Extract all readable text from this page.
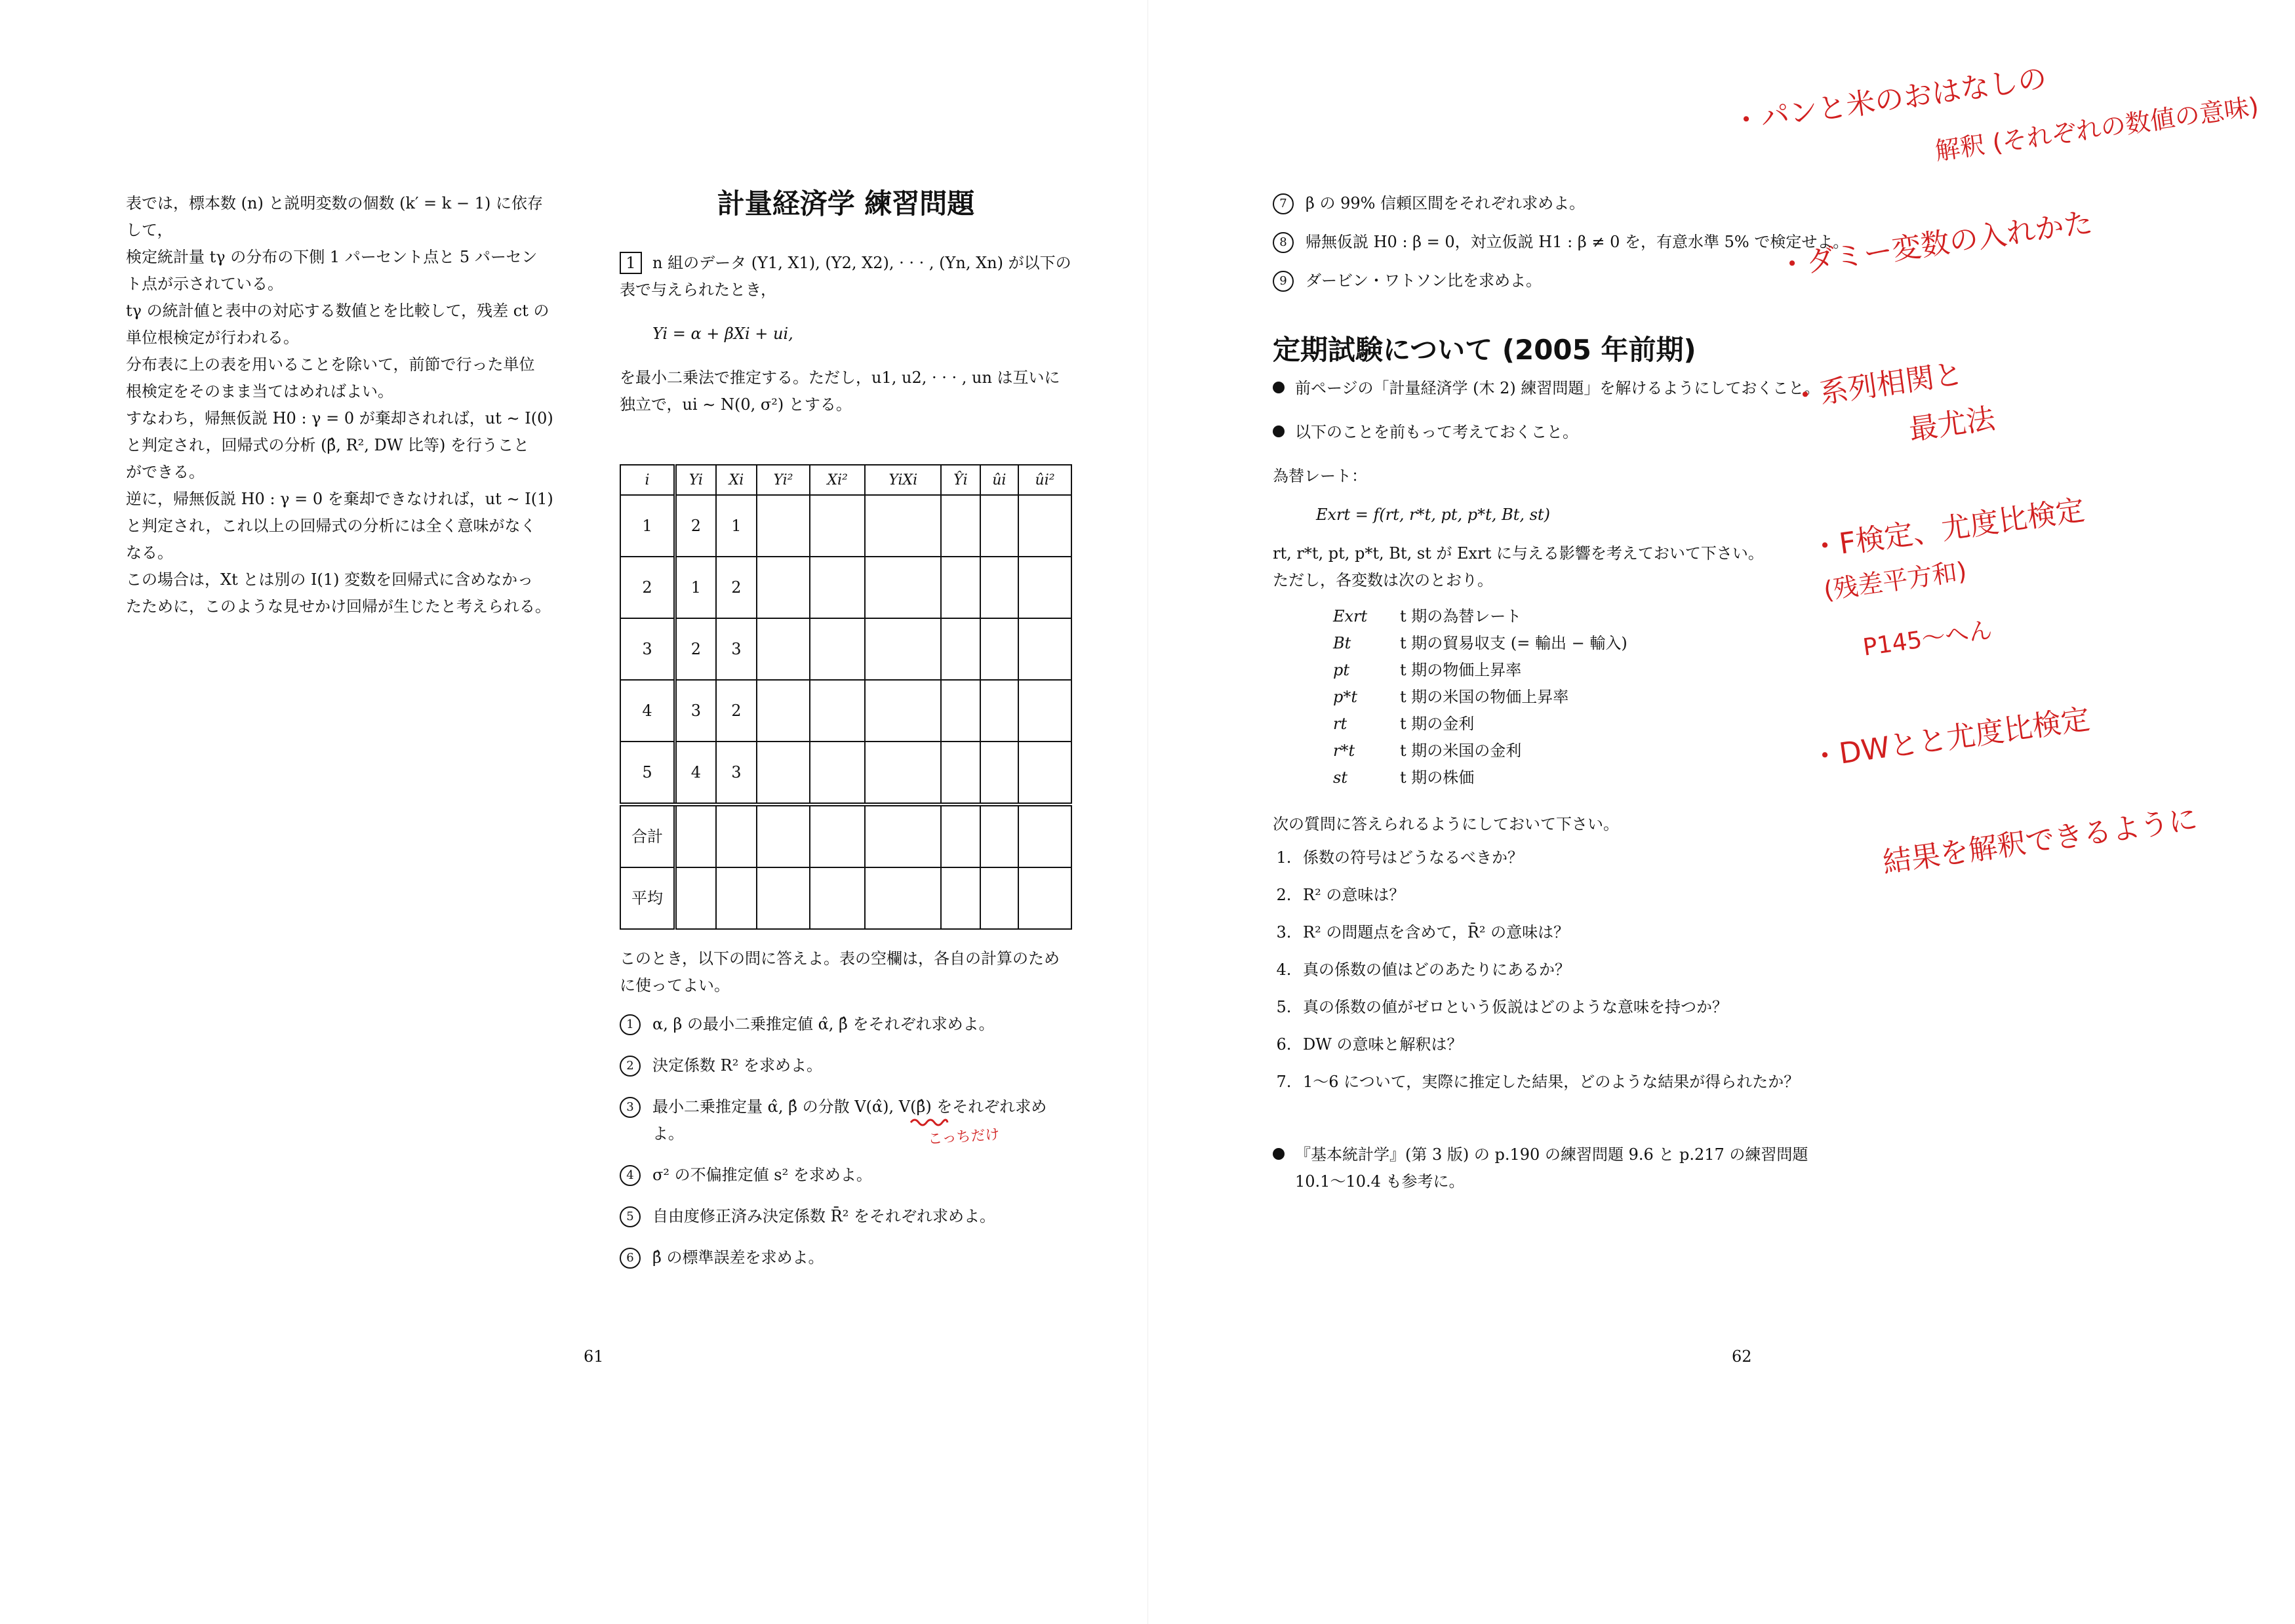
表では，標本数 (n) と説明変数の個数 (k′ = k − 1) に依存

して，

検定統計量 tγ の分布の下側 1 パーセント点と 5 パーセン

ト点が示されている。

tγ の統計値と表中の対応する数値とを比較して，残差 ct の

単位根検定が行われる。

分布表に上の表を用いることを除いて，前節で行った単位

根検定をそのまま当てはめればよい。

すなわち，帰無仮説 H0 : γ = 0 が棄却されれば，ut ∼ I(0)

と判定され，回帰式の分析 (β̂, R², DW 比等) を行うこと

ができる。

逆に，帰無仮説 H0 : γ = 0 を棄却できなければ，ut ∼ I(1)

と判定され，これ以上の回帰式の分析には全く意味がなく

なる。

この場合は，Xt とは別の I(1) 変数を回帰式に含めなかっ

たために，このような見せかけ回帰が生じたと考えられる。

計量経済学 練習問題

1 n 組のデータ (Y1, X1), (Y2, X2), · · · , (Yn, Xn) が以下の表で与えられたとき，

Yi = α + βXi + ui,

を最小二乗法で推定する。ただし，u1, u2, · · · , un は互いに独立で，ui ∼ N(0, σ²) とする。

i	Yi	Xi	Yi²	Xi²	YiXi	Ŷi	ûi	ûi²
1	2	1						
2	1	2						
3	2	3						
4	3	2						
5	4	3						
合計								
平均								

このとき，以下の問に答えよ。表の空欄は，各自の計算のために使ってよい。

1	α, β の最小二乗推定値 α̂, β̂ をそれぞれ求めよ。
2	決定係数 R² を求めよ。
3	最小二乗推定量 α̂, β̂ の分散 V(α̂), V(β̂) をそれぞれ求めよ。	こっちだけ
4	σ² の不偏推定値 s² を求めよ。
5	自由度修正済み決定係数 R̄² をそれぞれ求めよ。
6	β̂ の標準誤差を求めよ。
61
7	β の 99% 信頼区間をそれぞれ求めよ。
8	帰無仮説 H0 : β = 0，対立仮説 H1 : β ≠ 0 を，有意水準 5% で検定せよ。
9	ダービン・ワトソン比を求めよ。
定期試験について (2005 年前期)
前ページの「計量経済学 (木 2) 練習問題」を解けるようにしておくこと。
以下のことを前もって考えておくこと。
為替レート：
Exrt = f(rt, r*t, pt, p*t, Bt, st)
rt, r*t, pt, p*t, Bt, st が Exrt に与える影響を考えておいて下さい。
ただし，各変数は次のとおり。
Exrt	t 期の為替レート
Bt	t 期の貿易収支 (= 輸出 − 輸入)
pt	t 期の物価上昇率
p*t	t 期の米国の物価上昇率
rt	t 期の金利
r*t	t 期の米国の金利
st	t 期の株価
次の質問に答えられるようにしておいて下さい。
1. 係数の符号はどうなるべきか？
2. R² の意味は？
3. R² の問題点を含めて，R̄² の意味は？
4. 真の係数の値はどのあたりにあるか？
5. 真の係数の値がゼロという仮説はどのような意味を持つか？
6. DW の意味と解釈は？
7. 1〜6 について，実際に推定した結果，どのような結果が得られたか？
『基本統計学』(第 3 版) の p.190 の練習問題 9.6 と p.217 の練習問題 10.1〜10.4 も参考に。
62
・パンと米のおはなしの
解釈 (それぞれの数値の意味)
・ダミー変数の入れかた
・系列相関と
最尤法
・F検定、尤度比検定
(残差平方和)
P145〜へん
・DWとと尤度比検定
結果を解釈できるように
